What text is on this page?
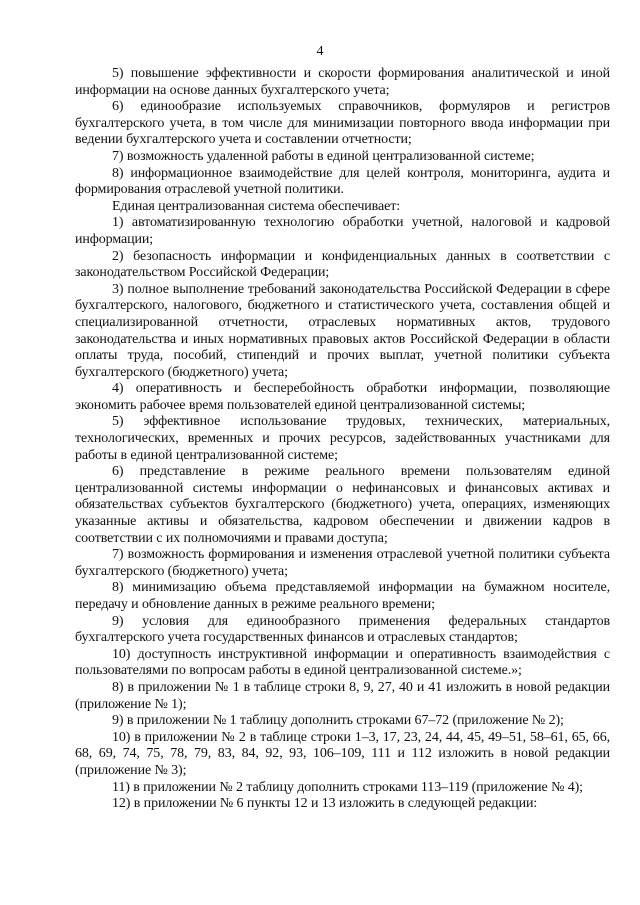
4

5) повышение эффективности и скорости формирования аналитической и иной информации на основе данных бухгалтерского учета;

6) единообразие используемых справочников, формуляров и регистров бухгалтерского учета, в том числе для минимизации повторного ввода информации при ведении бухгалтерского учета и составлении отчетности;

7) возможность удаленной работы в единой централизованной системе;

8) информационное взаимодействие для целей контроля, мониторинга, аудита и формирования отраслевой учетной политики.

Единая централизованная система обеспечивает:

1) автоматизированную технологию обработки учетной, налоговой и кадровой информации;

2) безопасность информации и конфиденциальных данных в соответствии с законодательством Российской Федерации;

3) полное выполнение требований законодательства Российской Федерации в сфере бухгалтерского, налогового, бюджетного и статистического учета, составления общей и специализированной отчетности, отраслевых нормативных актов, трудового законодательства и иных нормативных правовых актов Российской Федерации в области оплаты труда, пособий, стипендий и прочих выплат, учетной политики субъекта бухгалтерского (бюджетного) учета;

4) оперативность и бесперебойность обработки информации, позволяющие экономить рабочее время пользователей единой централизованной системы;

5) эффективное использование трудовых, технических, материальных, технологических, временных и прочих ресурсов, задействованных участниками для работы в единой централизованной системе;

6) представление в режиме реального времени пользователям единой централизованной системы информации о нефинансовых и финансовых активах и обязательствах субъектов бухгалтерского (бюджетного) учета, операциях, изменяющих указанные активы и обязательства, кадровом обеспечении и движении кадров в соответствии с их полномочиями и правами доступа;

7) возможность формирования и изменения отраслевой учетной политики субъекта бухгалтерского (бюджетного) учета;

8) минимизацию объема представляемой информации на бумажном носителе, передачу и обновление данных в режиме реального времени;

9) условия для единообразного применения федеральных стандартов бухгалтерского учета государственных финансов и отраслевых стандартов;

10) доступность инструктивной информации и оперативность взаимодействия с пользователями по вопросам работы в единой централизованной системе.»;

8) в приложении № 1 в таблице строки 8, 9, 27, 40 и 41 изложить в новой редакции (приложение № 1);

9) в приложении № 1 таблицу дополнить строками 67–72 (приложение № 2);

10) в приложении № 2 в таблице строки 1–3, 17, 23, 24, 44, 45, 49–51, 58–61, 65, 66, 68, 69, 74, 75, 78, 79, 83, 84, 92, 93, 106–109, 111 и 112 изложить в новой редакции (приложение № 3);

11) в приложении № 2 таблицу дополнить строками 113–119 (приложение № 4);

12) в приложении № 6 пункты 12 и 13 изложить в следующей редакции:
